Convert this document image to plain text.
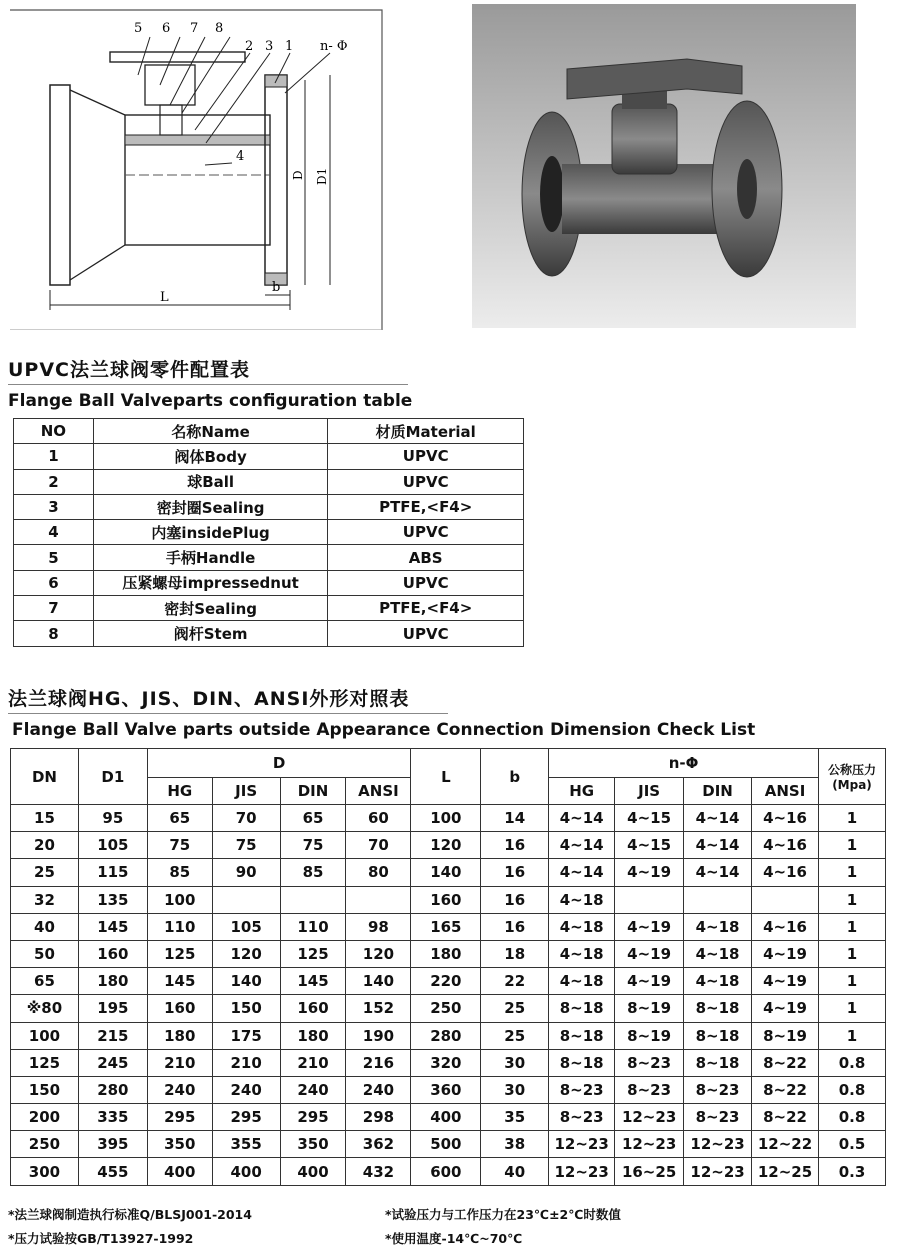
5 6 7 8
2 3 1 n- Φ
4
D D1
L
b
UPVC法兰球阀零件配置表
Flange Ball Valveparts configuration table
NO	名称Name	材质Material
1	阀体Body	UPVC
2	球Ball	UPVC
3	密封圈Sealing	PTFE,<F4>
4	内塞insidePlug	UPVC
5	手柄Handle	ABS
6	压紧螺母impressednut	UPVC
7	密封Sealing	PTFE,<F4>
8	阀杆Stem	UPVC
法兰球阀HG、JIS、DIN、ANSI外形对照表
Flange Ball Valve parts outside Appearance Connection Dimension Check List
DN	D1	D				L	b	n-Φ				公称压力
(Mpa)

		HG	JIS	DIN	ANSI			HG	JIS	DIN	ANSI	
15	95	65	70	65	60	100	14	4~14	4~15	4~14	4~16	1
20	105	75	75	75	70	120	16	4~14	4~15	4~14	4~16	1
25	115	85	90	85	80	140	16	4~14	4~19	4~14	4~16	1
32	135	100				160	16	4~18				1
40	145	110	105	110	98	165	16	4~18	4~19	4~18	4~16	1
50	160	125	120	125	120	180	18	4~18	4~19	4~18	4~19	1
65	180	145	140	145	140	220	22	4~18	4~19	4~18	4~19	1
※80	195	160	150	160	152	250	25	8~18	8~19	8~18	4~19	1
100	215	180	175	180	190	280	25	8~18	8~19	8~18	8~19	1
125	245	210	210	210	216	320	30	8~18	8~23	8~18	8~22	0.8
150	280	240	240	240	240	360	30	8~23	8~23	8~23	8~22	0.8
200	335	295	295	295	298	400	35	8~23	12~23	8~23	8~22	0.8
250	395	350	355	350	362	500	38	12~23	12~23	12~23	12~22	0.5
300	455	400	400	400	432	600	40	12~23	16~25	12~23	12~25	0.3
*法兰球阀制造执行标准Q/BLSJ001-2014	*试验压力与工作压力在23℃±2℃时数值
*压力试验按GB/T13927-1992	*使用温度-14℃~70℃
